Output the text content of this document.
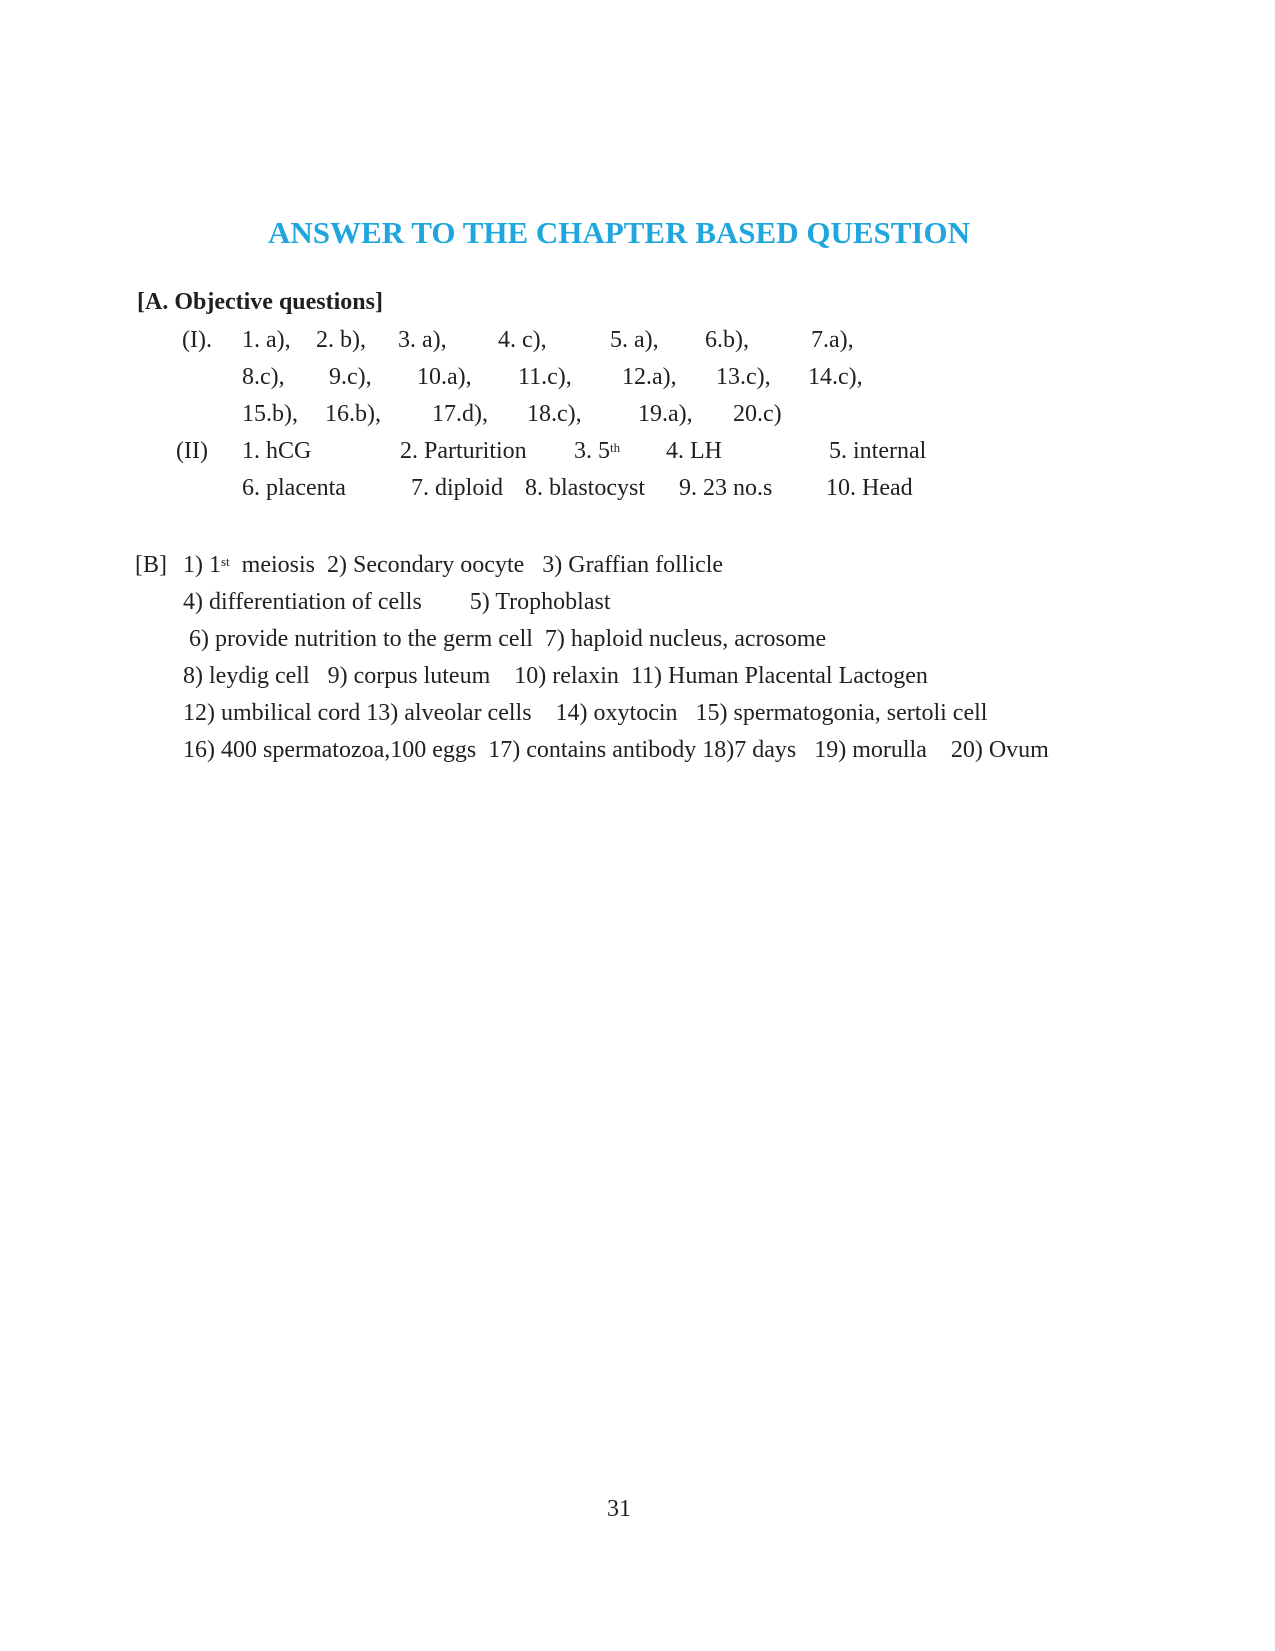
ANSWER TO THE CHAPTER BASED QUESTION
[A. Objective questions]
(I). 1. a), 2. b), 3. a), 4. c),	5. a), 6.b),	7.a),
8.c), 9.c), 10.a), 11.c), 12.a), 13.c), 14.c),
15.b), 16.b), 17.d), 18.c), 19.a), 20.c)
(II) 1. hCG	2. Parturition 3. 5th 4. LH	5. internal
6. placenta	7. diploid 8. blastocyst 9. 23 no.s 10. Head
[B] 1) 1st  meiosis  2) Secondary oocyte   3) Graffian follicle
4) differentiation of cells        5) Trophoblast
6) provide nutrition to the germ cell  7) haploid nucleus, acrosome
8) leydig cell   9) corpus luteum    10) relaxin  11) Human Placental Lactogen
12) umbilical cord 13) alveolar cells    14) oxytocin   15) spermatogonia, sertoli cell
16) 400 spermatozoa,100 eggs  17) contains antibody 18)7 days   19) morulla    20) Ovum
31
